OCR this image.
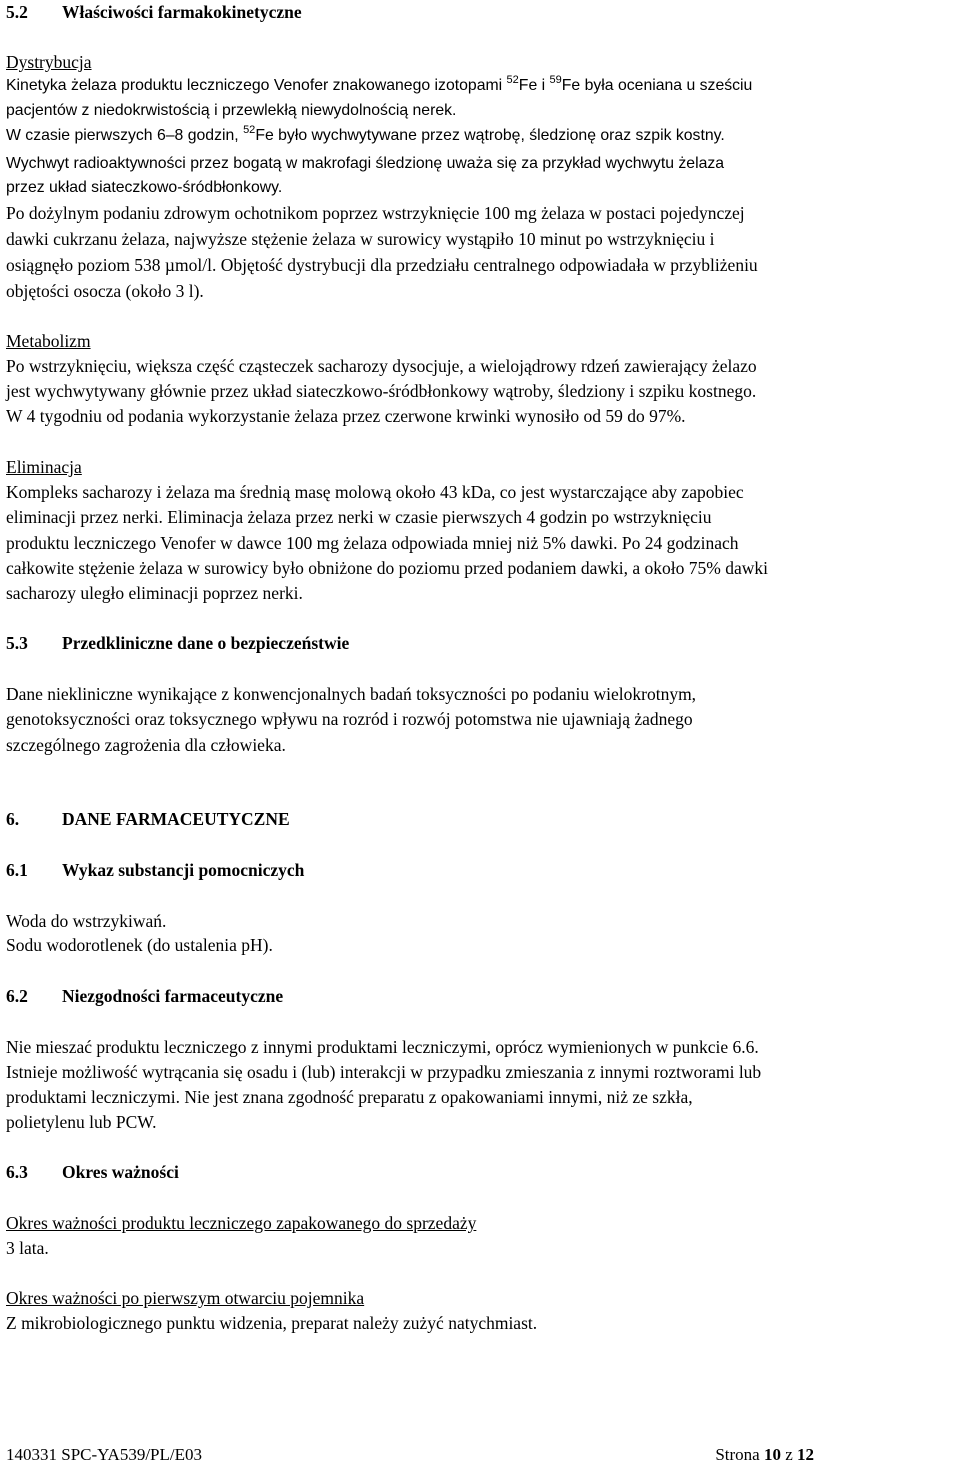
5.2 Właściwości farmakokinetyczne
Dystrybucja
Kinetyka żelaza produktu leczniczego Venofer znakowanego izotopami $^{52}$Fe i $^{59}$Fe była oceniana u sześciu
pacjentów z niedokrwistością i przewlekłą niewydolnością nerek.
W czasie pierwszych 6–8 godzin, $^{52}$Fe było wychwytywane przez wątrobę, śledzionę oraz szpik kostny.
Wychwyt radioaktywności przez bogatą w makrofagi śledzionę uważa się za przykład wychwytu żelaza
przez układ siateczkowo-śródbłonkowy.
Po dożylnym podaniu zdrowym ochotnikom poprzez wstrzyknięcie 100 mg żelaza w postaci pojedynczej
dawki cukrzanu żelaza, najwyższe stężenie żelaza w surowicy wystąpiło 10 minut po wstrzyknięciu i
osiągnęło poziom 538 µmol/l. Objętość dystrybucji dla przedziału centralnego odpowiadała w przybliżeniu
objętości osocza (około 3 l).
Metabolizm
Po wstrzyknięciu, większa część cząsteczek sacharozy dysocjuje, a wielojądrowy rdzeń zawierający żelazo
jest wychwytywany głównie przez układ siateczkowo-śródbłonkowy wątroby, śledziony i szpiku kostnego.
W 4 tygodniu od podania wykorzystanie żelaza przez czerwone krwinki wynosiło od 59 do 97%.
Eliminacja
Kompleks sacharozy i żelaza ma średnią masę molową około 43 kDa, co jest wystarczające aby zapobiec
eliminacji przez nerki. Eliminacja żelaza przez nerki w czasie pierwszych 4 godzin po wstrzyknięciu
produktu leczniczego Venofer w dawce 100 mg żelaza odpowiada mniej niż 5% dawki. Po 24 godzinach
całkowite stężenie żelaza w surowicy było obniżone do poziomu przed podaniem dawki, a około 75% dawki
sacharozy uległo eliminacji poprzez nerki.
5.3 Przedkliniczne dane o bezpieczeństwie
Dane niekliniczne wynikające z konwencjonalnych badań toksyczności po podaniu wielokrotnym,
genotoksyczności oraz toksycznego wpływu na rozród i rozwój potomstwa nie ujawniają żadnego
szczególnego zagrożenia dla człowieka.
6. DANE FARMACEUTYCZNE
6.1 Wykaz substancji pomocniczych
Woda do wstrzykiwań.
Sodu wodorotlenek (do ustalenia pH).
6.2 Niezgodności farmaceutyczne
Nie mieszać produktu leczniczego z innymi produktami leczniczymi, oprócz wymienionych w punkcie 6.6.
Istnieje możliwość wytrącania się osadu i (lub) interakcji w przypadku zmieszania z innymi roztworami lub
produktami leczniczymi. Nie jest znana zgodność preparatu z opakowaniami innymi, niż ze szkła,
polietylenu lub PCW.
6.3 Okres ważności
Okres ważności produktu leczniczego zapakowanego do sprzedaży
3 lata.
Okres ważności po pierwszym otwarciu pojemnika
Z mikrobiologicznego punktu widzenia, preparat należy zużyć natychmiast.
140331 SPC-YA539/PL/E03	Strona 10 z 12
